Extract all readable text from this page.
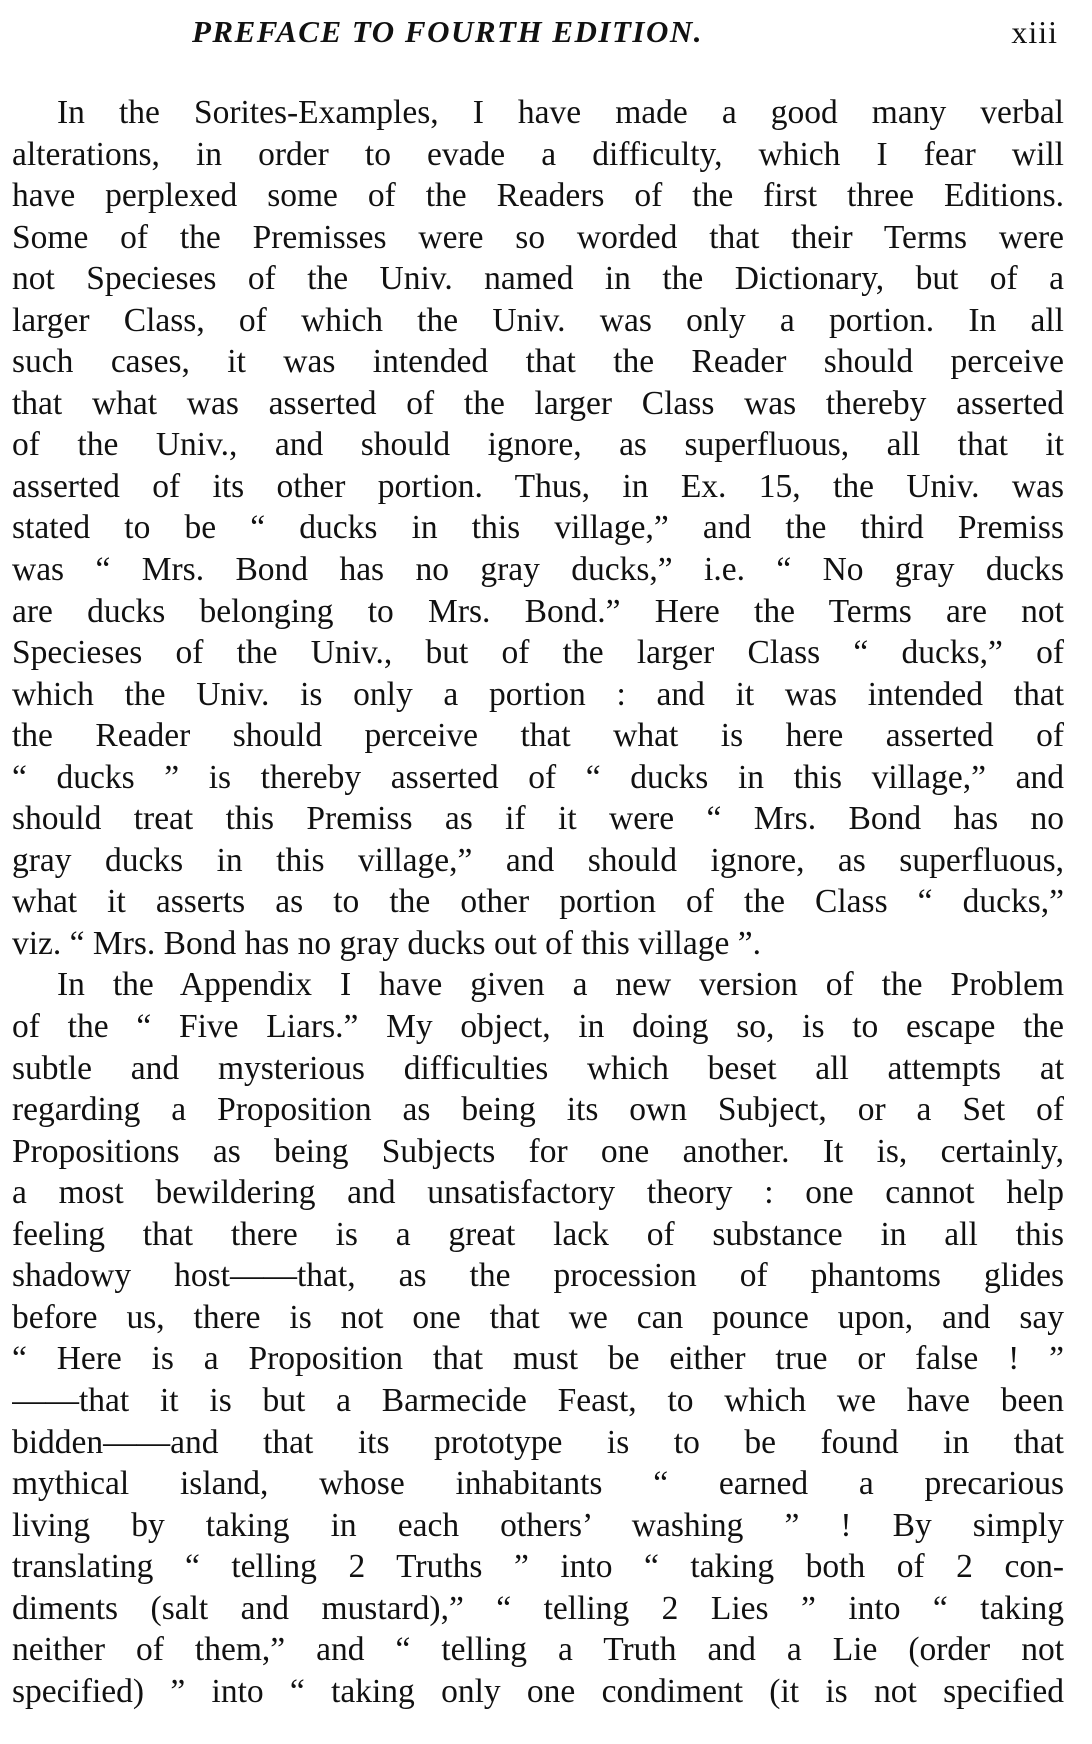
PREFACE TO FOURTH EDITION.	xiii
In the Sorites-Examples, I have made a good many verbal
alterations, in order to evade a difficulty, which I fear will
have perplexed some of the Readers of the first three Editions.
Some of the Premisses were so worded that their Terms were
not Specieses of the Univ. named in the Dictionary, but of a
larger Class, of which the Univ. was only a portion. In all
such cases, it was intended that the Reader should perceive
that what was asserted of the larger Class was thereby asserted
of the Univ., and should ignore, as superfluous, all that it
asserted of its other portion. Thus, in Ex. 15, the Univ. was
stated to be “ ducks in this village,” and the third Premiss
was “ Mrs. Bond has no gray ducks,” i.e. “ No gray ducks
are ducks belonging to Mrs. Bond.” Here the Terms are not
Specieses of the Univ., but of the larger Class “ ducks,” of
which the Univ. is only a portion : and it was intended that
the Reader should perceive that what is here asserted of
“ ducks ” is thereby asserted of “ ducks in this village,” and
should treat this Premiss as if it were “ Mrs. Bond has no
gray ducks in this village,” and should ignore, as superfluous,
what it asserts as to the other portion of the Class “ ducks,”
viz. “ Mrs. Bond has no gray ducks out of this village ”.
In the Appendix I have given a new version of the Problem
of the “ Five Liars.” My object, in doing so, is to escape the
subtle and mysterious difficulties which beset all attempts at
regarding a Proposition as being its own Subject, or a Set of
Propositions as being Subjects for one another. It is, certainly,
a most bewildering and unsatisfactory theory : one cannot help
feeling that there is a great lack of substance in all this
shadowy host——that, as the procession of phantoms glides
before us, there is not one that we can pounce upon, and say
“ Here is a Proposition that must be either true or false ! ”
——that it is but a Barmecide Feast, to which we have been
bidden——and that its prototype is to be found in that
mythical island, whose inhabitants “ earned a precarious
living by taking in each others’ washing ” ! By simply
translating “ telling 2 Truths ” into “ taking both of 2 con-
diments (salt and mustard),” “ telling 2 Lies ” into “ taking
neither of them,” and “ telling a Truth and a Lie (order not
specified) ” into “ taking only one condiment (it is not specified
